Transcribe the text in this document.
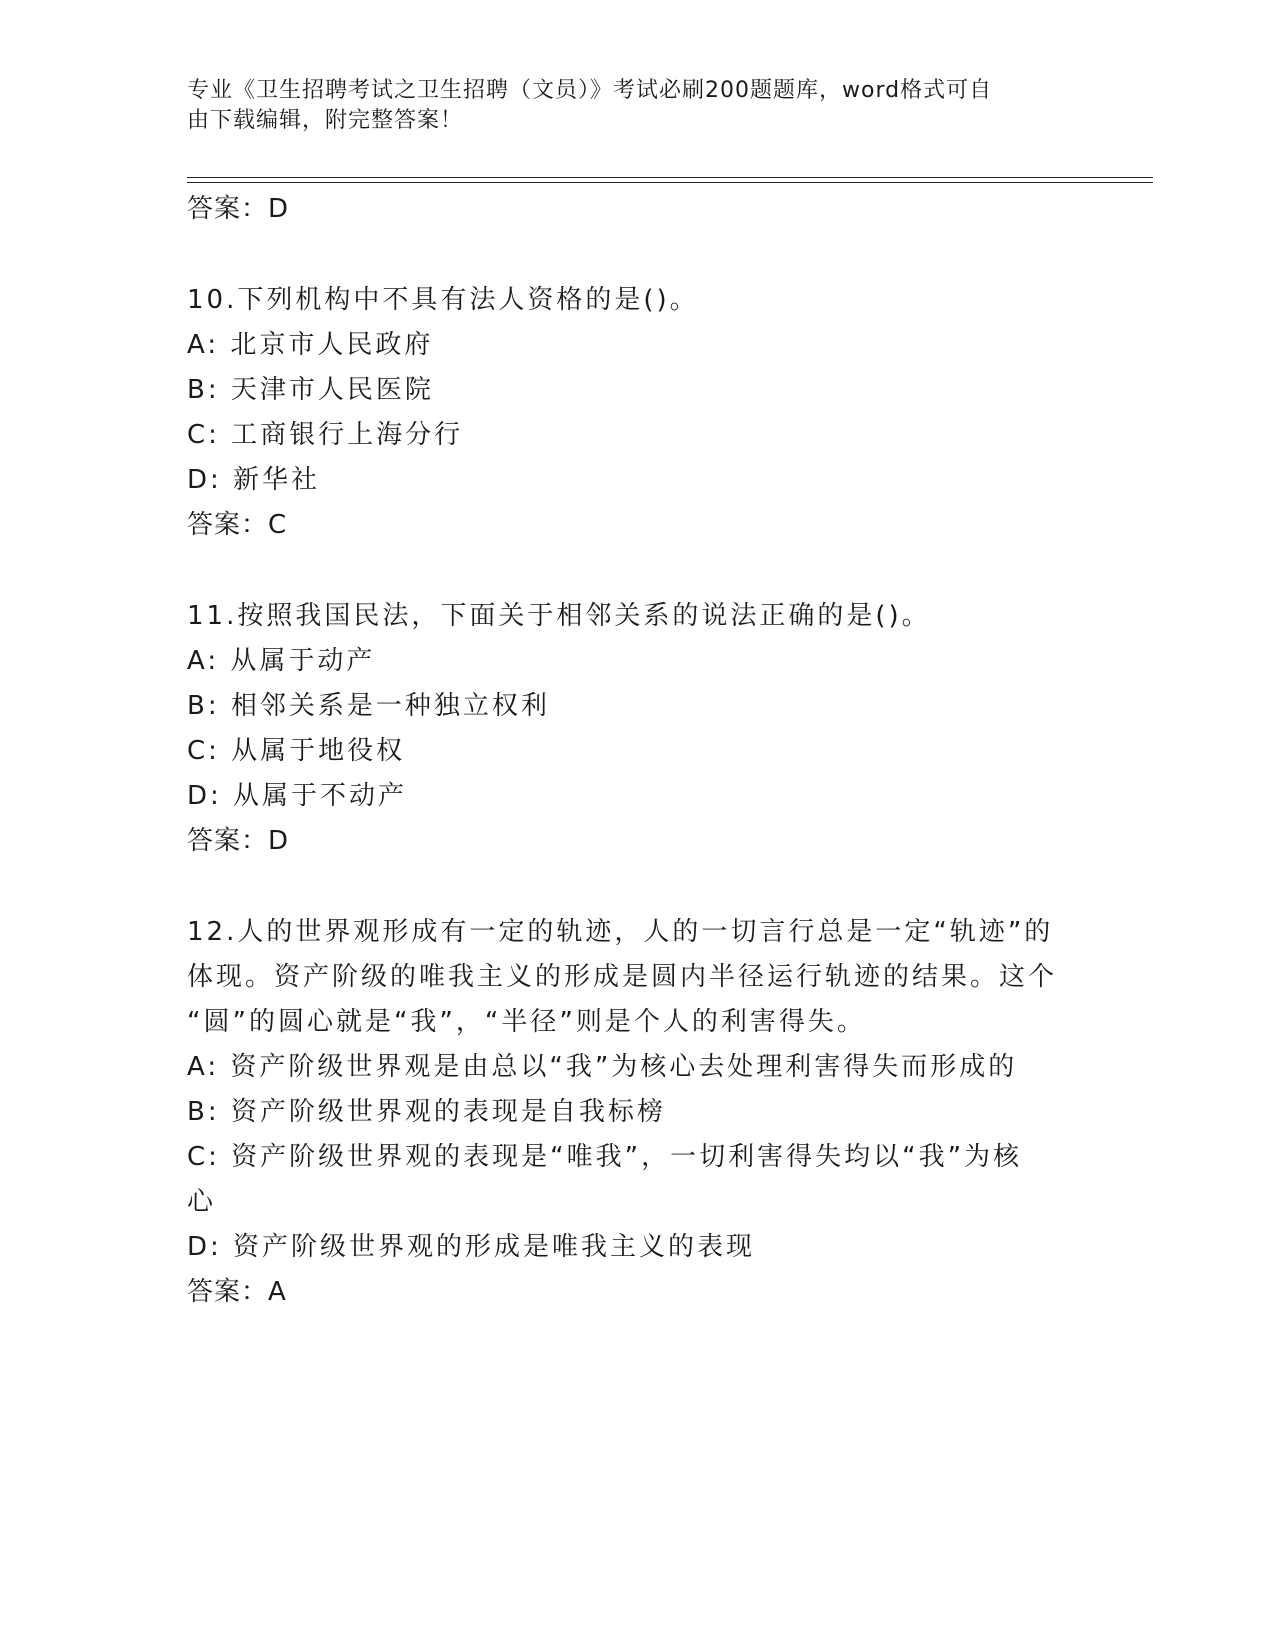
专业《卫生招聘考试之卫生招聘（文员）》考试必刷200题题库，word格式可自
由下载编辑，附完整答案！
答案：D
10.下列机构中不具有法人资格的是()。
A: 北京市人民政府
B: 天津市人民医院
C: 工商银行上海分行
D: 新华社
答案：C
11.按照我国民法，下面关于相邻关系的说法正确的是()。
A: 从属于动产
B: 相邻关系是一种独立权利
C: 从属于地役权
D: 从属于不动产
答案：D
12.人的世界观形成有一定的轨迹，人的一切言行总是一定“轨迹”的
体现。资产阶级的唯我主义的形成是圆内半径运行轨迹的结果。这个
“圆”的圆心就是“我”，“半径”则是个人的利害得失。
A: 资产阶级世界观是由总以“我”为核心去处理利害得失而形成的
B: 资产阶级世界观的表现是自我标榜
C: 资产阶级世界观的表现是“唯我”，一切利害得失均以“我”为核
心
D: 资产阶级世界观的形成是唯我主义的表现
答案：A
